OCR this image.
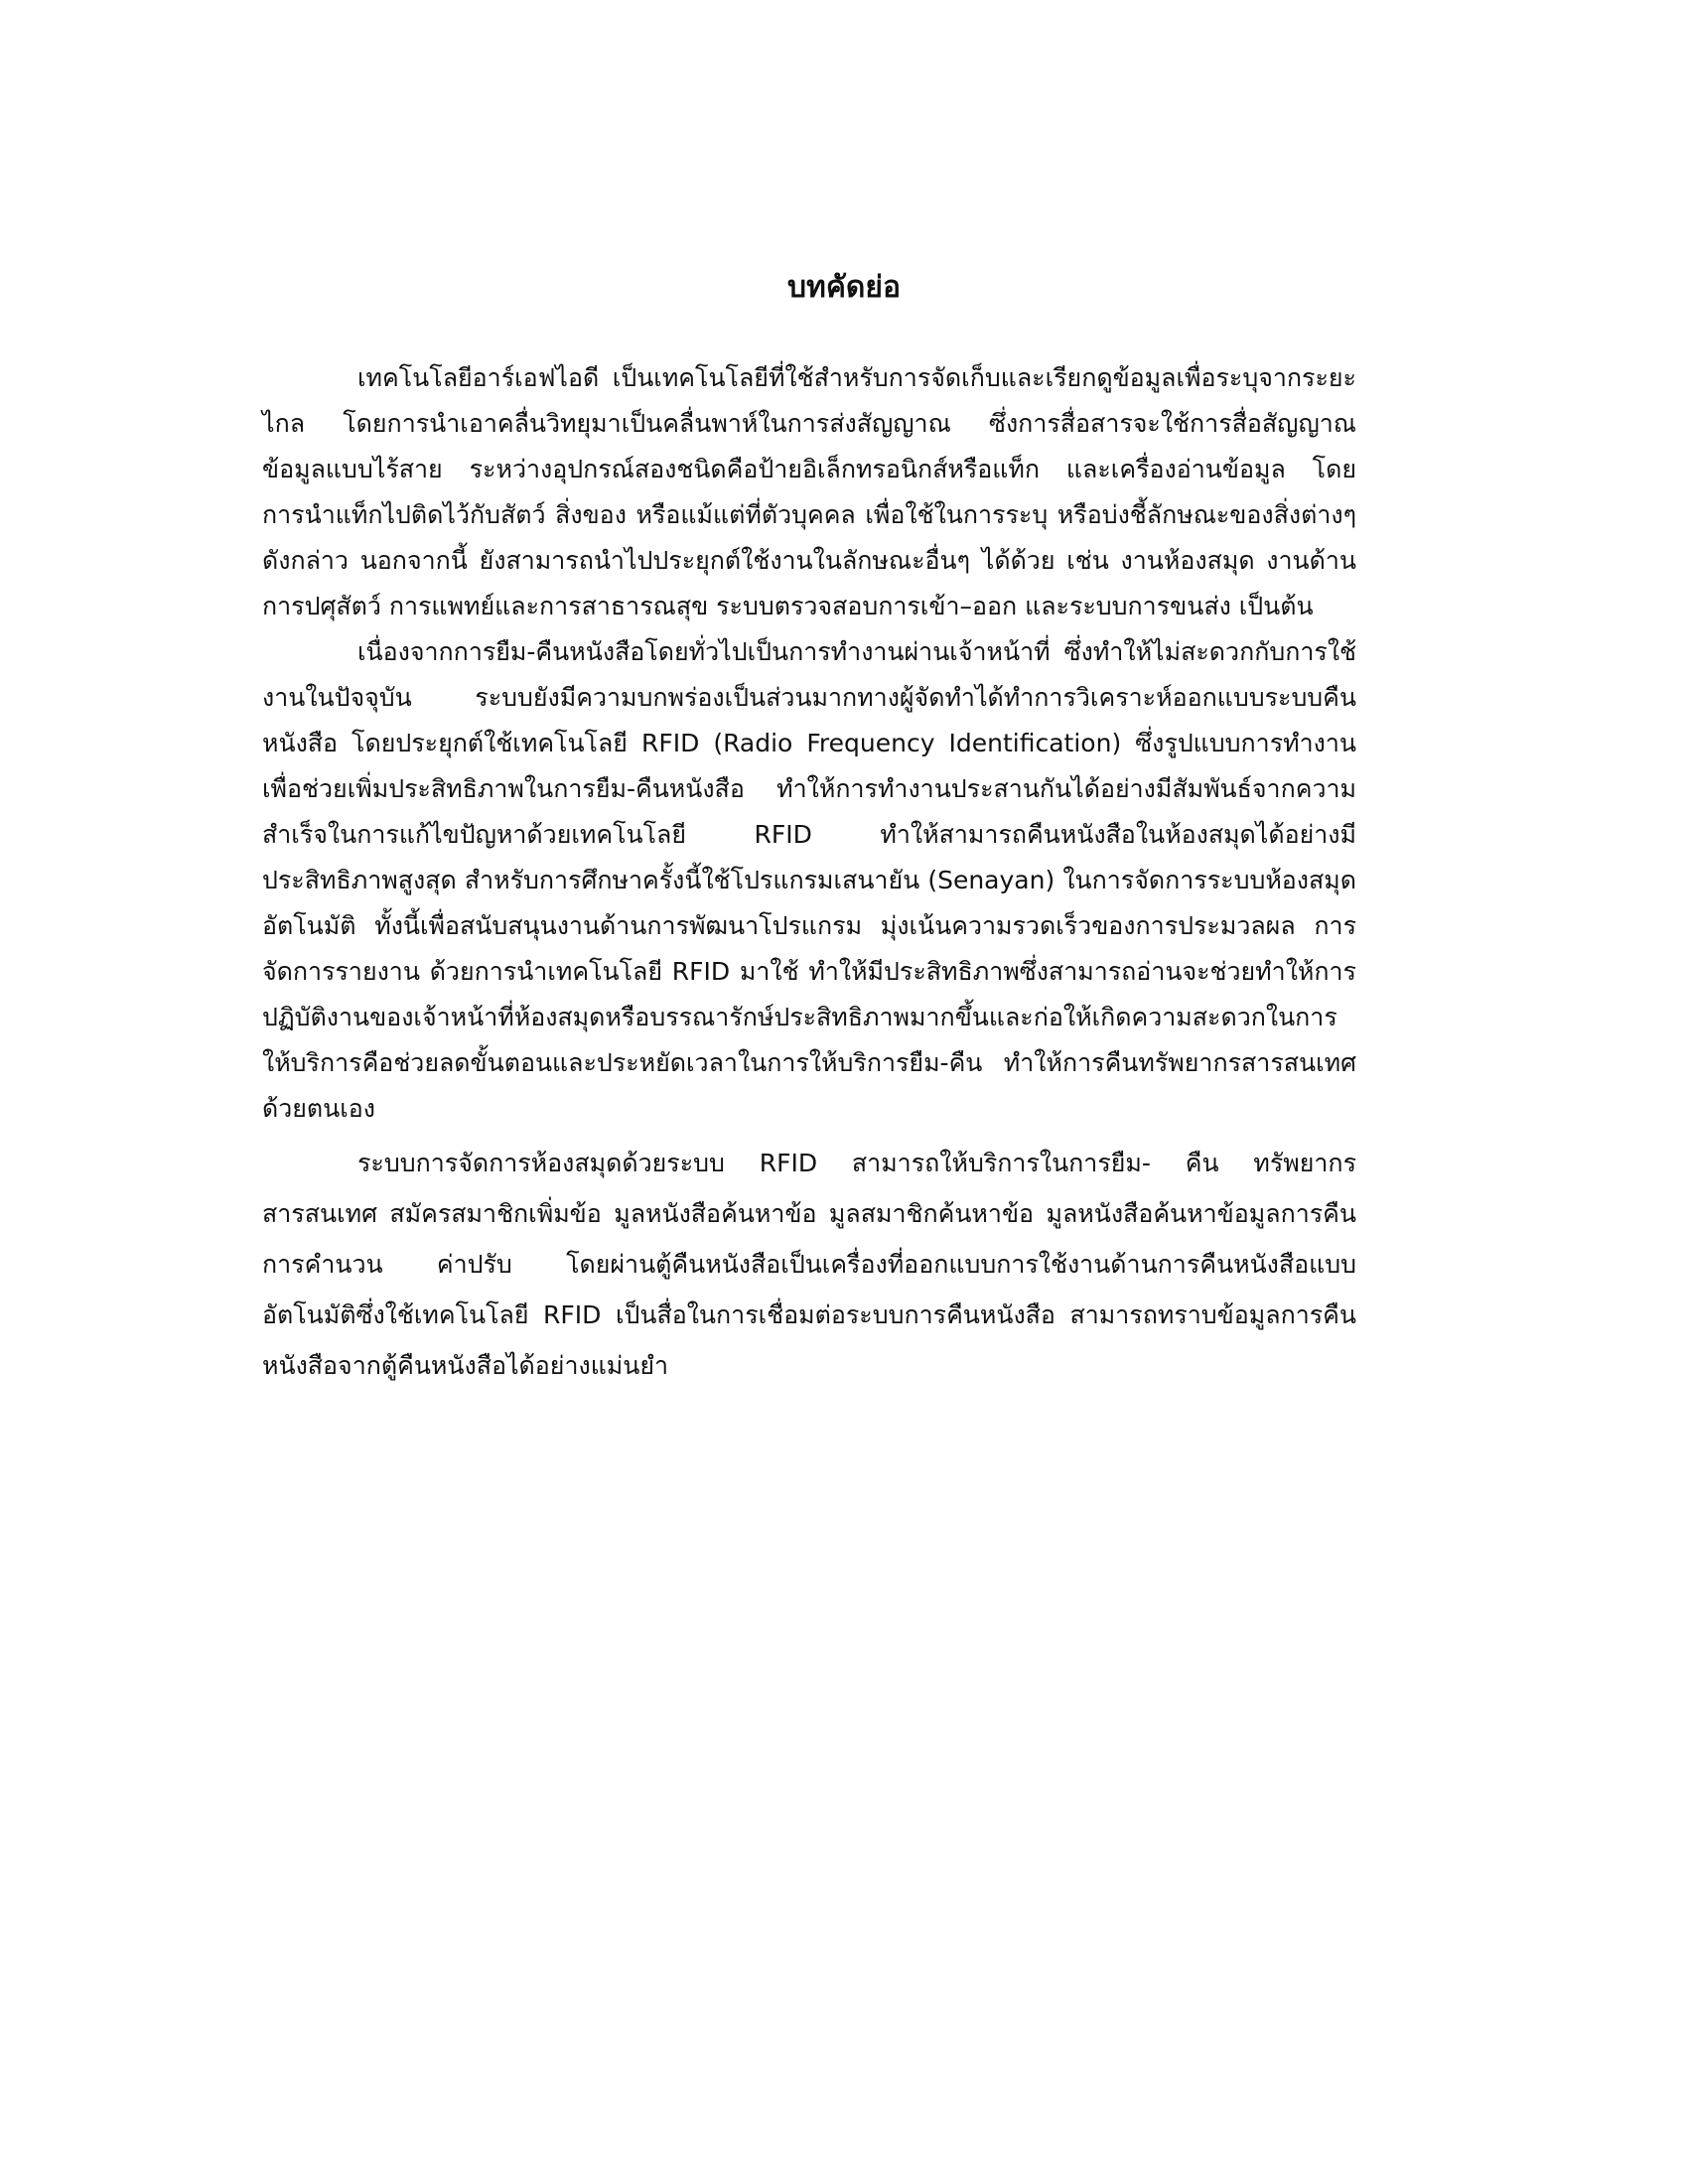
บทคัดย่อ

เทคโนโลยีอาร์เอฟไอดี เป็นเทคโนโลยีที่ใช้สำหรับการจัดเก็บและเรียกดูข้อมูลเพื่อระบุจากระยะไกล โดยการนำเอาคลื่นวิทยุมาเป็นคลื่นพาห์ในการส่งสัญญาณ ซึ่งการสื่อสารจะใช้การสื่อสัญญาณข้อมูลแบบไร้สาย ระหว่างอุปกรณ์สองชนิดคือป้ายอิเล็กทรอนิกส์หรือแท็ก และเครื่องอ่านข้อมูล โดยการนำแท็กไปติดไว้กับสัตว์ สิ่งของ หรือแม้แต่ที่ตัวบุคคล เพื่อใช้ในการระบุ หรือบ่งชี้ลักษณะของสิ่งต่างๆ ดังกล่าว นอกจากนี้ ยังสามารถนำไปประยุกต์ใช้งานในลักษณะอื่นๆ ได้ด้วย เช่น งานห้องสมุด งานด้านการปศุสัตว์ การแพทย์และการสาธารณสุข ระบบตรวจสอบการเข้า–ออก และระบบการขนส่ง เป็นต้น

เนื่องจากการยืม-คืนหนังสือโดยทั่วไปเป็นการทำงานผ่านเจ้าหน้าที่ ซึ่งทำให้ไม่สะดวกกับการใช้งานในปัจจุบัน ระบบยังมีความบกพร่องเป็นส่วนมากทางผู้จัดทำได้ทำการวิเคราะห์ออกแบบระบบคืนหนังสือ โดยประยุกต์ใช้เทคโนโลยี RFID (Radio Frequency Identification) ซึ่งรูปแบบการทำงานเพื่อช่วยเพิ่มประสิทธิภาพในการยืม-คืนหนังสือ ทำให้การทำงานประสานกันได้อย่างมีสัมพันธ์จากความสำเร็จในการแก้ไขปัญหาด้วยเทคโนโลยี RFID ทำให้สามารถคืนหนังสือในห้องสมุดได้อย่างมีประสิทธิภาพสูงสุด สำหรับการศึกษาครั้งนี้ใช้โปรแกรมเสนายัน (Senayan) ในการจัดการระบบห้องสมุดอัตโนมัติ ทั้งนี้เพื่อสนับสนุนงานด้านการพัฒนาโปรแกรม มุ่งเน้นความรวดเร็วของการประมวลผล การจัดการรายงาน ด้วยการนำเทคโนโลยี RFID มาใช้ ทำให้มีประสิทธิภาพซึ่งสามารถอ่านจะช่วยทำให้การปฏิบัติงานของเจ้าหน้าที่ห้องสมุดหรือบรรณารักษ์ประสิทธิภาพมากขึ้นและก่อให้เกิดความสะดวกในการให้บริการคือช่วยลดขั้นตอนและประหยัดเวลาในการให้บริการยืม-คืน ทำให้การคืนทรัพยากรสารสนเทศด้วยตนเอง

ระบบการจัดการห้องสมุดด้วยระบบ RFID สามารถให้บริการในการยืม- คืน ทรัพยากรสารสนเทศ สมัครสมาชิกเพิ่มข้อ มูลหนังสือค้นหาข้อ มูลสมาชิกค้นหาข้อ มูลหนังสือค้นหาข้อมูลการคืน การคำนวน ค่าปรับ โดยผ่านตู้คืนหนังสือเป็นเครื่องที่ออกแบบการใช้งานด้านการคืนหนังสือแบบอัตโนมัติซึ่งใช้เทคโนโลยี RFID เป็นสื่อในการเชื่อมต่อระบบการคืนหนังสือ สามารถทราบข้อมูลการคืนหนังสือจากตู้คืนหนังสือได้อย่างแม่นยำ
